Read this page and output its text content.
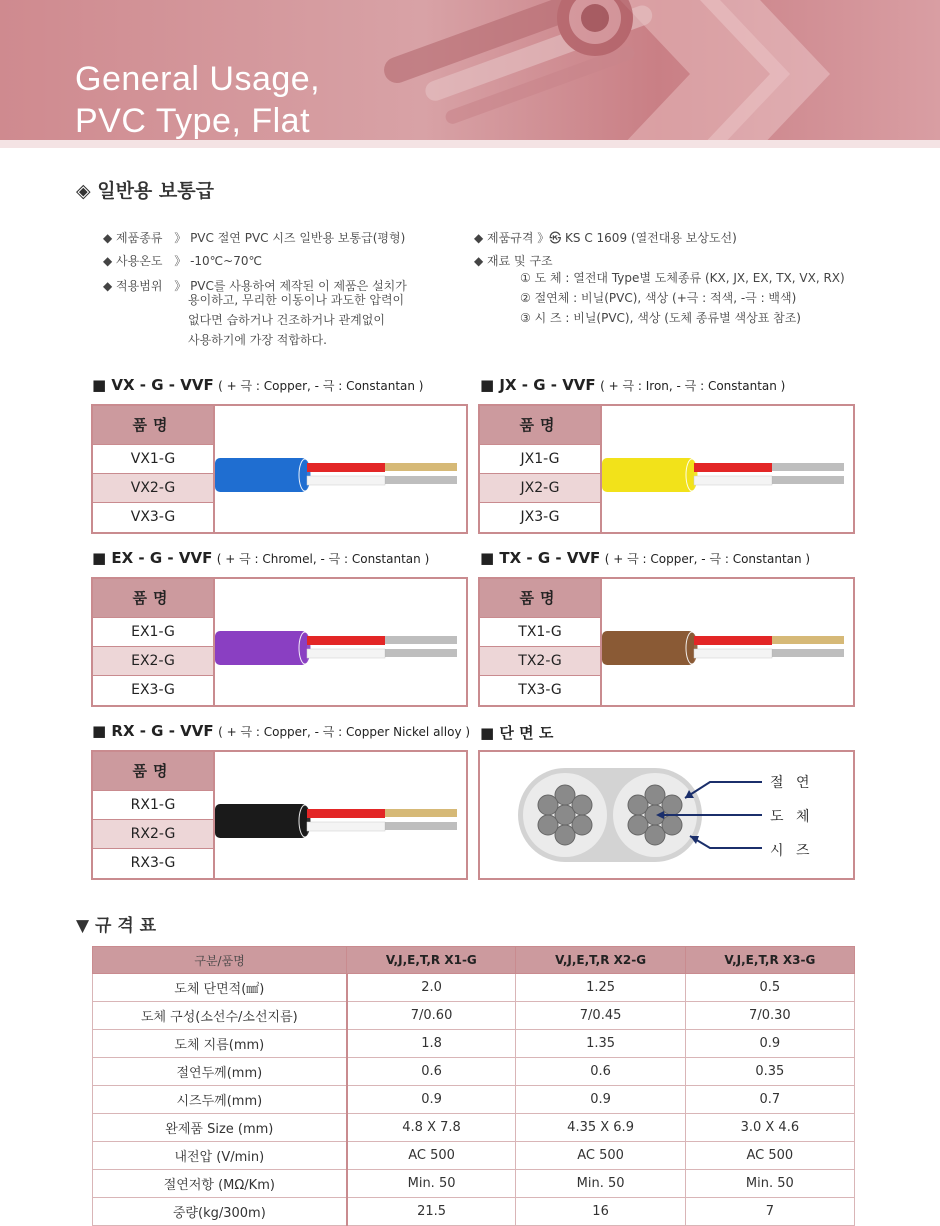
General Usage,
PVC Type, Flat
◈ 일반용 보통급
◆ 제품종류 》 PVC 절연 PVC 시즈 일반용 보통급(평형)
◆ 사용온도 》 -10℃~70℃
◆ 적용범위 》 PVC를 사용하여 제작된 이 제품은 설치가
용이하고, 무리한 이동이나 과도한 압력이
없다면 습하거나 건조하거나 관계없이
사용하기에 가장 적합하다.
◆ 제품규격 》㉿ KS C 1609 (열전대용 보상도선)
◆ 재료 및 구조
① 도 체 : 열전대 Type별 도체종류 (KX, JX, EX, TX, VX, RX)
② 절연체 : 비닐(PVC), 색상 (+극 : 적색, -극 : 백색)
③ 시 즈 : 비닐(PVC), 색상 (도체 종류별 색상표 참조)
■ VX - G - VVF ( + 극 : Copper, - 극 : Constantan )	■ JX - G - VVF ( + 극 : Iron, - 극 : Constantan )
■ EX - G - VVF ( + 극 : Chromel, - 극 : Constantan )	■ TX - G - VVF ( + 극 : Copper, - 극 : Constantan )
■ RX - G - VVF ( + 극 : Copper, - 극 : Copper Nickel alloy ) ■ 단 면 도
품명
VX1-G
VX2-G
VX3-G
품명
JX1-G
JX2-G
JX3-G
품명
EX1-G
EX2-G
EX3-G
품명
TX1-G
TX2-G
TX3-G
품명
RX1-G
RX2-G
RX3-G
절 연
도 체
시 즈
▼ 규 격 표
구분/품명	V,J,E,T,R X1-G	V,J,E,T,R X2-G	V,J,E,T,R X3-G
도체 단면적(㎟)	2.0	1.25	0.5
도체 구성(소선수/소선지름)	7/0.60	7/0.45	7/0.30
도체 지름(mm)	1.8	1.35	0.9
절연두께(mm)	0.6	0.6	0.35
시즈두께(mm)	0.9	0.9	0.7
완제품 Size (mm)	4.8 X 7.8	4.35 X 6.9	3.0 X 4.6
내전압 (V/min)	AC 500	AC 500	AC 500
절연저항 (MΩ/Km)	Min. 50	Min. 50	Min. 50
중량(kg/300m)	21.5	16	7
